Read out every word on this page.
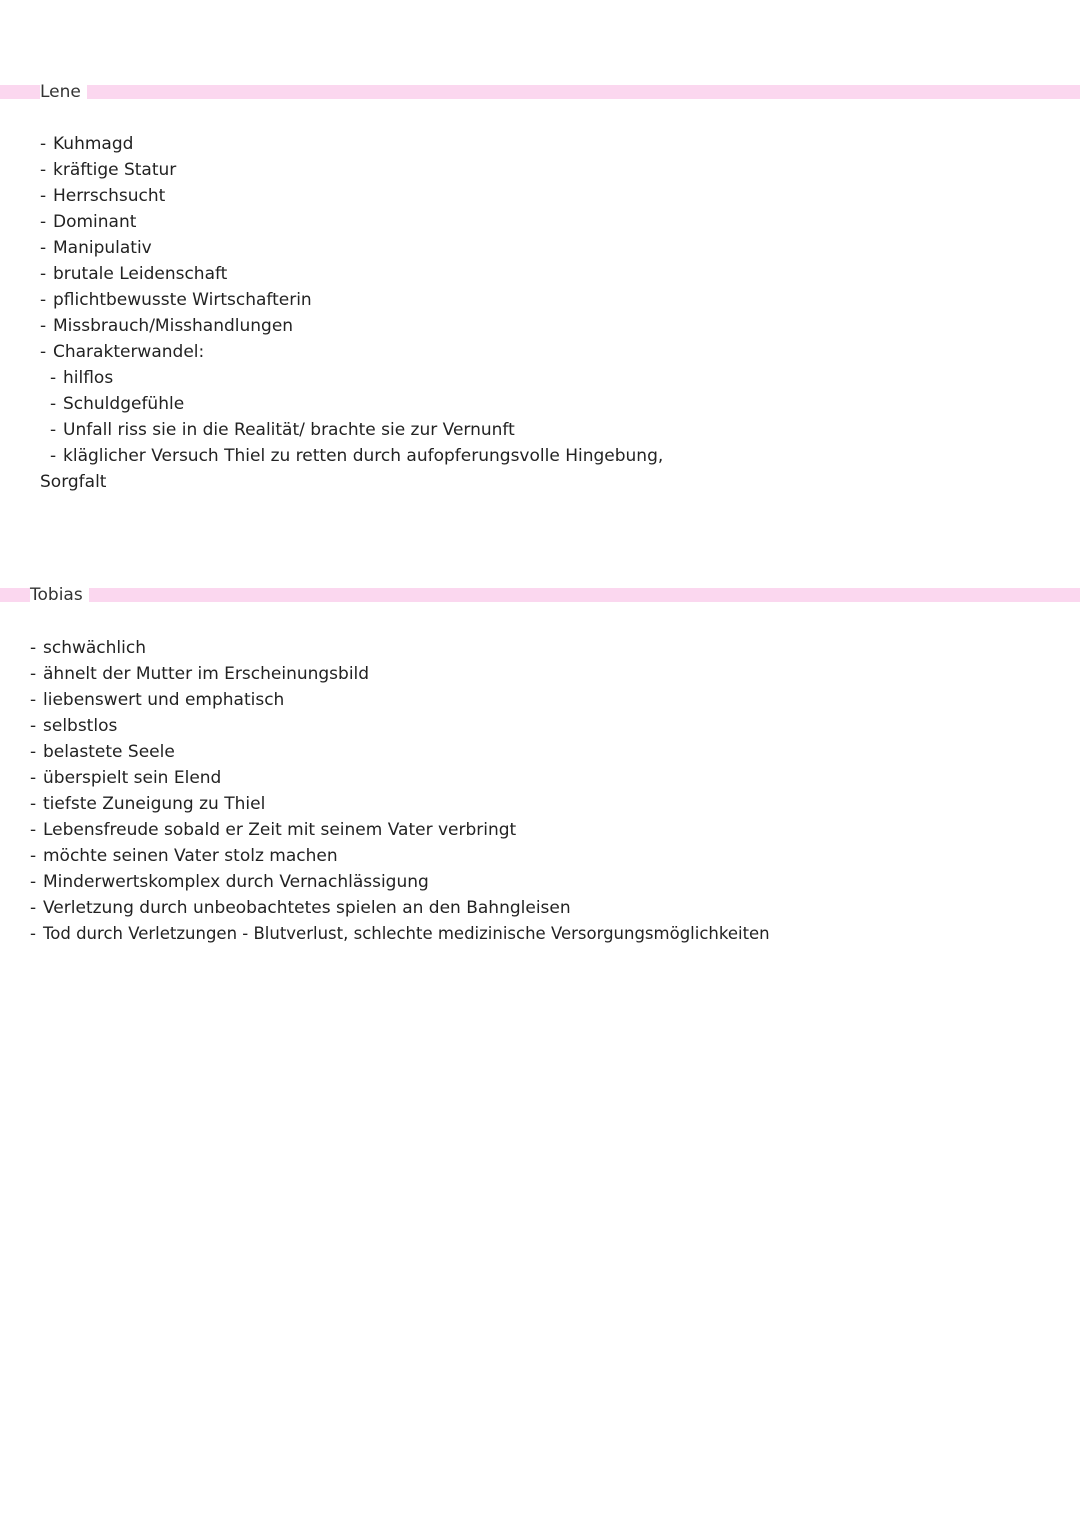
Lene
- Kuhmagd
- kräftige Statur
- Herrschsucht
- Dominant
- Manipulativ
- brutale Leidenschaft
- pflichtbewusste Wirtschafterin
- Missbrauch/Misshandlungen
- Charakterwandel:
- hilflos
- Schuldgefühle
- Unfall riss sie in die Realität/ brachte sie zur Vernunft
- kläglicher Versuch Thiel zu retten durch aufopferungsvolle Hingebung,
Sorgfalt
Tobias
- schwächlich
- ähnelt der Mutter im Erscheinungsbild
- liebenswert und emphatisch
- selbstlos
- belastete Seele
- überspielt sein Elend
- tiefste Zuneigung zu Thiel
- Lebensfreude sobald er Zeit mit seinem Vater verbringt
- möchte seinen Vater stolz machen
- Minderwertskomplex durch Vernachlässigung
- Verletzung durch unbeobachtetes spielen an den Bahngleisen
- Tod durch Verletzungen - Blutverlust, schlechte medizinische Versorgungsmöglichkeiten
